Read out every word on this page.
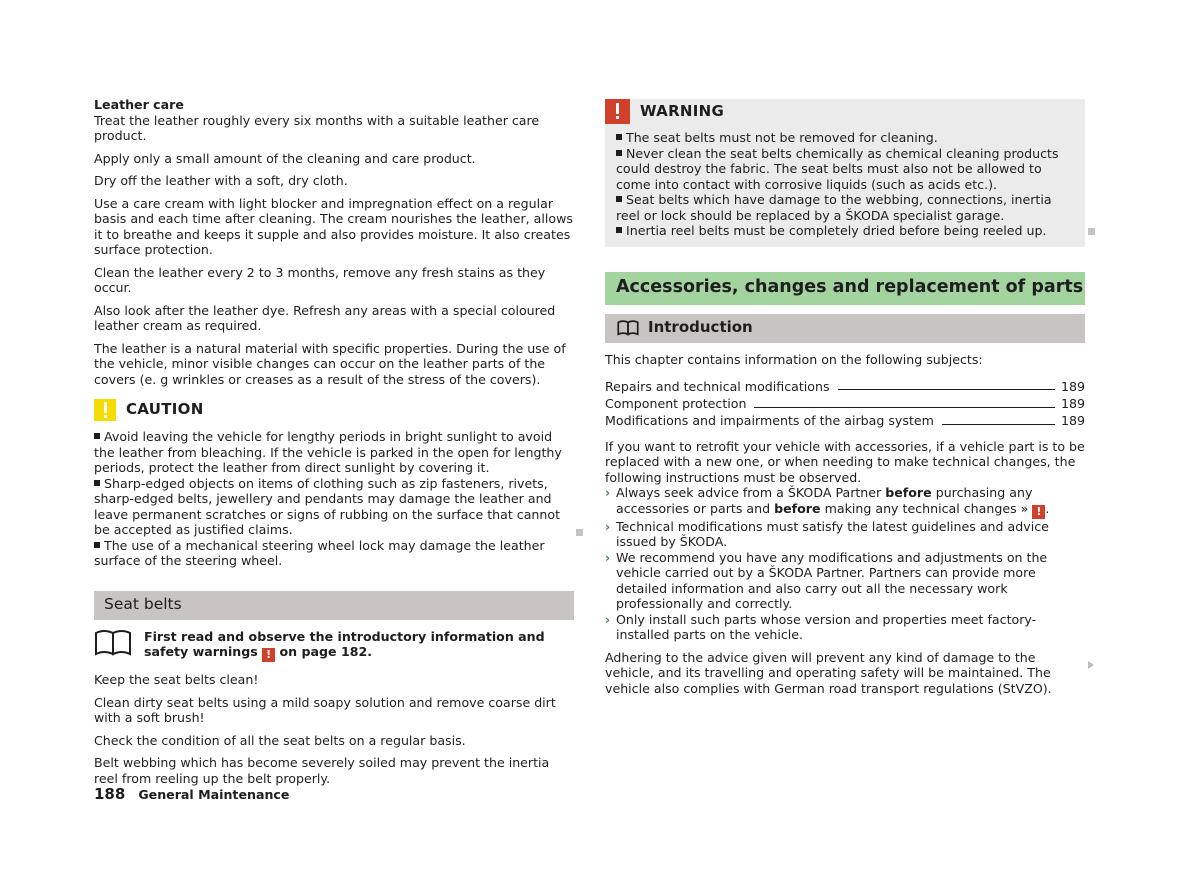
Leather care

Treat the leather roughly every six months with a suitable leather care product.

Apply only a small amount of the cleaning and care product.

Dry off the leather with a soft, dry cloth.

Use a care cream with light blocker and impregnation effect on a regular basis and each time after cleaning. The cream nourishes the leather, allows it to breathe and keeps it supple and also provides moisture. It also creates surface protection.

Clean the leather every 2 to 3 months, remove any fresh stains as they occur.

Also look after the leather dye. Refresh any areas with a special coloured leather cream as required.

The leather is a natural material with specific properties. During the use of the vehicle, minor visible changes can occur on the leather parts of the covers (e. g wrinkles or creases as a result of the stress of the covers).

CAUTION
Avoid leaving the vehicle for lengthy periods in bright sunlight to avoid the leather from bleaching. If the vehicle is parked in the open for lengthy periods, protect the leather from direct sunlight by covering it.
Sharp-edged objects on items of clothing such as zip fasteners, rivets, sharp-edged belts, jewellery and pendants may damage the leather and leave permanent scratches or signs of rubbing on the surface that cannot be accepted as justified claims.
The use of a mechanical steering wheel lock may damage the leather surface of the steering wheel.
Seat belts
First read and observe the introductory information and safety warnings ! on page 182.

Keep the seat belts clean!

Clean dirty seat belts using a mild soapy solution and remove coarse dirt with a soft brush!

Check the condition of all the seat belts on a regular basis.

Belt webbing which has become severely soiled may prevent the inertia reel from reeling up the belt properly.

WARNING
The seat belts must not be removed for cleaning.
Never clean the seat belts chemically as chemical cleaning products could destroy the fabric. The seat belts must also not be allowed to come into contact with corrosive liquids (such as acids etc.).
Seat belts which have damage to the webbing, connections, inertia reel or lock should be replaced by a ŠKODA specialist garage.
Inertia reel belts must be completely dried before being reeled up.
Accessories, changes and replacement of parts
Introduction

This chapter contains information on the following subjects:

Repairs and technical modifications	189
Component protection	189
Modifications and impairments of the airbag system	189

If you want to retrofit your vehicle with accessories, if a vehicle part is to be replaced with a new one, or when needing to make technical changes, the following instructions must be observed.

› Always seek advice from a ŠKODA Partner before purchasing any accessories or parts and before making any technical changes » ! .
› Technical modifications must satisfy the latest guidelines and advice issued by ŠKODA.
› We recommend you have any modifications and adjustments on the vehicle carried out by a ŠKODA Partner. Partners can provide more detailed information and also carry out all the necessary work professionally and correctly.
› Only install such parts whose version and properties meet factory-installed parts on the vehicle.

Adhering to the advice given will prevent any kind of damage to the vehicle, and its travelling and operating safety will be maintained. The vehicle also complies with German road transport regulations (StVZO).

188 General Maintenance
